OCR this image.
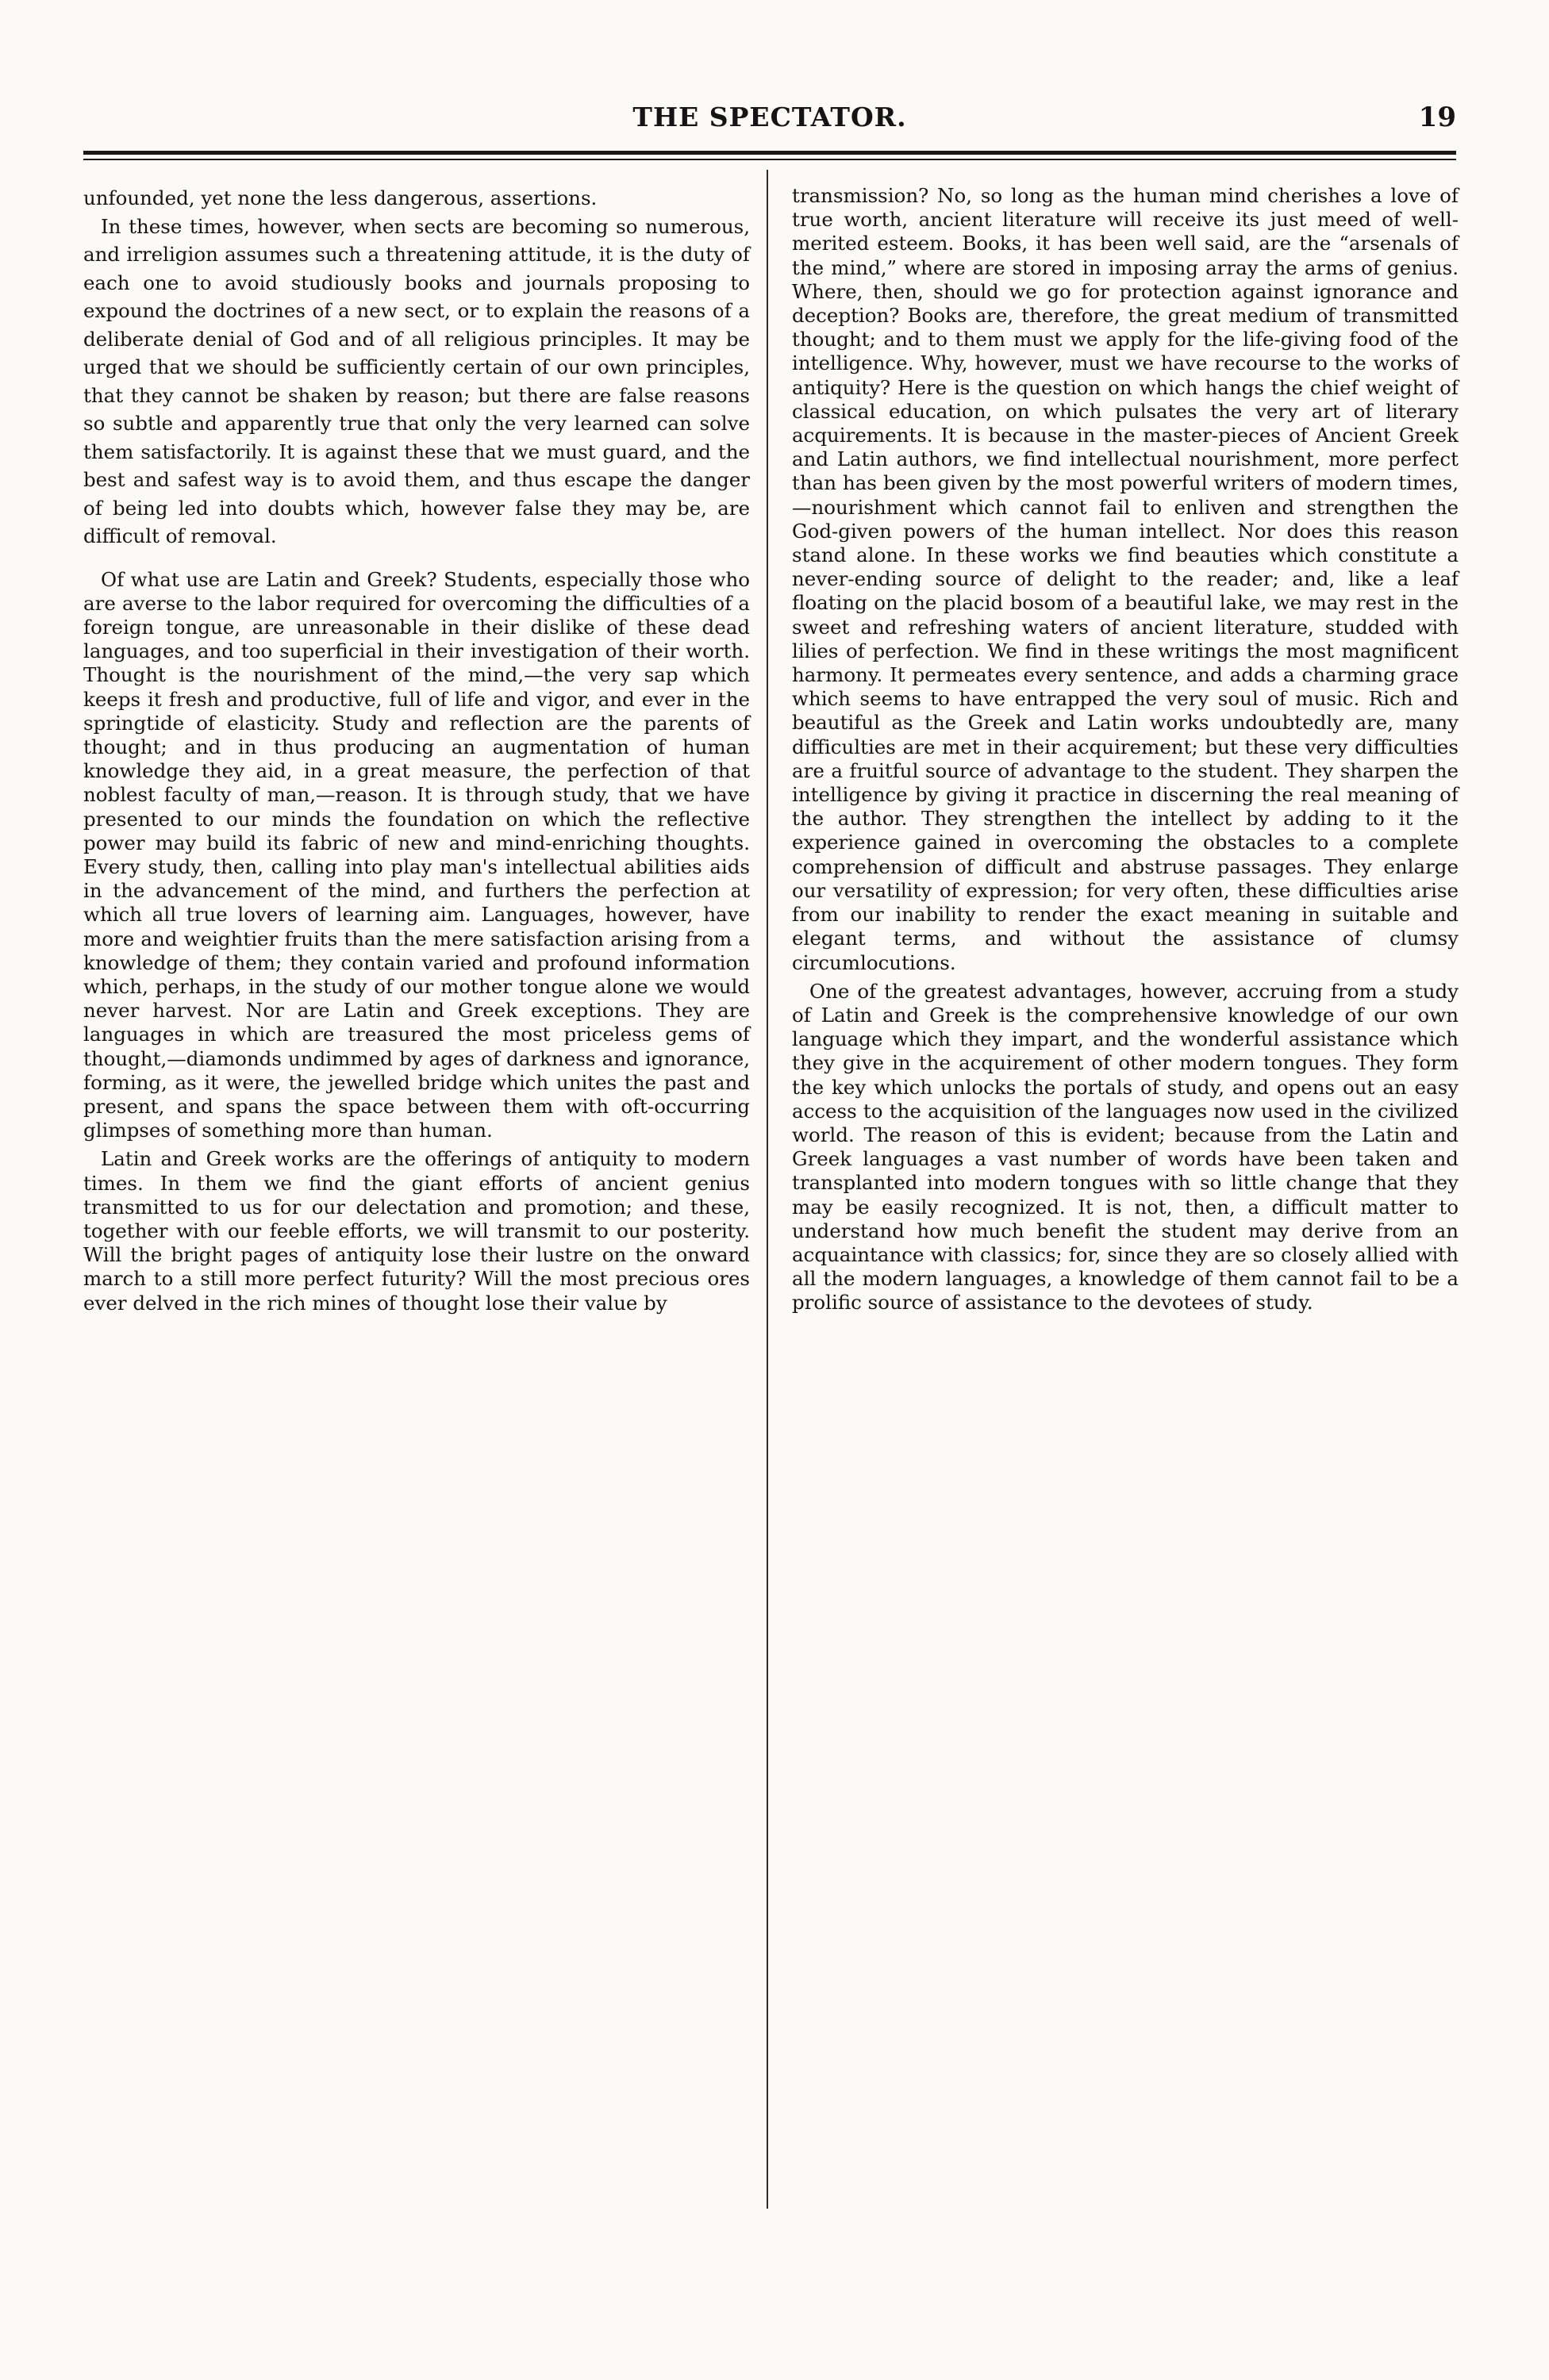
THE SPECTATOR.	19

unfounded, yet none the less dangerous, assertions.

In these times, however, when sects are becoming so numerous, and irreligion assumes such a threatening attitude, it is the duty of each one to avoid studiously books and journals proposing to expound the doctrines of a new sect, or to explain the reasons of a deliberate denial of God and of all religious principles. It may be urged that we should be sufficiently certain of our own principles, that they cannot be shaken by reason; but there are false reasons so subtle and apparently true that only the very learned can solve them satisfactorily. It is against these that we must guard, and the best and safest way is to avoid them, and thus escape the danger of being led into doubts which, however false they may be, are difficult of removal.

Of what use are Latin and Greek? Students, especially those who are averse to the labor required for overcoming the difficulties of a foreign tongue, are unreasonable in their dislike of these dead languages, and too superficial in their investigation of their worth. Thought is the nourishment of the mind,—the very sap which keeps it fresh and productive, full of life and vigor, and ever in the springtide of elasticity. Study and reflection are the parents of thought; and in thus producing an augmentation of human knowledge they aid, in a great measure, the perfection of that noblest faculty of man,—reason. It is through study, that we have presented to our minds the foundation on which the reflective power may build its fabric of new and mind-enriching thoughts. Every study, then, calling into play man's intellectual abilities aids in the advancement of the mind, and furthers the perfection at which all true lovers of learning aim. Languages, however, have more and weightier fruits than the mere satisfaction arising from a knowledge of them; they contain varied and profound information which, perhaps, in the study of our mother tongue alone we would never harvest. Nor are Latin and Greek exceptions. They are languages in which are treasured the most priceless gems of thought,—diamonds undimmed by ages of darkness and ignorance, forming, as it were, the jewelled bridge which unites the past and present, and spans the space between them with oft-occurring glimpses of something more than human.

Latin and Greek works are the offerings of antiquity to modern times. In them we find the giant efforts of ancient genius transmitted to us for our delectation and promotion; and these, together with our feeble efforts, we will transmit to our posterity. Will the bright pages of antiquity lose their lustre on the onward march to a still more perfect futurity? Will the most precious ores ever delved in the rich mines of thought lose their value by

transmission? No, so long as the human mind cherishes a love of true worth, ancient literature will receive its just meed of well-merited esteem. Books, it has been well said, are the “arsenals of the mind,” where are stored in imposing array the arms of genius. Where, then, should we go for protection against ignorance and deception? Books are, therefore, the great medium of transmitted thought; and to them must we apply for the life-giving food of the intelligence. Why, however, must we have recourse to the works of antiquity? Here is the question on which hangs the chief weight of classical education, on which pulsates the very art of literary acquirements. It is because in the master-pieces of Ancient Greek and Latin authors, we find intellectual nourishment, more perfect than has been given by the most powerful writers of modern times,—nourishment which cannot fail to enliven and strengthen the God-given powers of the human intellect. Nor does this reason stand alone. In these works we find beauties which constitute a never-ending source of delight to the reader; and, like a leaf floating on the placid bosom of a beautiful lake, we may rest in the sweet and refreshing waters of ancient literature, studded with lilies of perfection. We find in these writings the most magnificent harmony. It permeates every sentence, and adds a charming grace which seems to have entrapped the very soul of music. Rich and beautiful as the Greek and Latin works undoubtedly are, many difficulties are met in their acquirement; but these very difficulties are a fruitful source of advantage to the student. They sharpen the intelligence by giving it practice in discerning the real meaning of the author. They strengthen the intellect by adding to it the experience gained in overcoming the obstacles to a complete comprehension of difficult and abstruse passages. They enlarge our versatility of expression; for very often, these difficulties arise from our inability to render the exact meaning in suitable and elegant terms, and without the assistance of clumsy circumlocutions.

One of the greatest advantages, however, accruing from a study of Latin and Greek is the comprehensive knowledge of our own language which they impart, and the wonderful assistance which they give in the acquirement of other modern tongues. They form the key which unlocks the portals of study, and opens out an easy access to the acquisition of the languages now used in the civilized world. The reason of this is evident; because from the Latin and Greek languages a vast number of words have been taken and transplanted into modern tongues with so little change that they may be easily recognized. It is not, then, a difficult matter to understand how much benefit the student may derive from an acquaintance with classics; for, since they are so closely allied with all the modern languages, a knowledge of them cannot fail to be a prolific source of assistance to the devotees of study.
